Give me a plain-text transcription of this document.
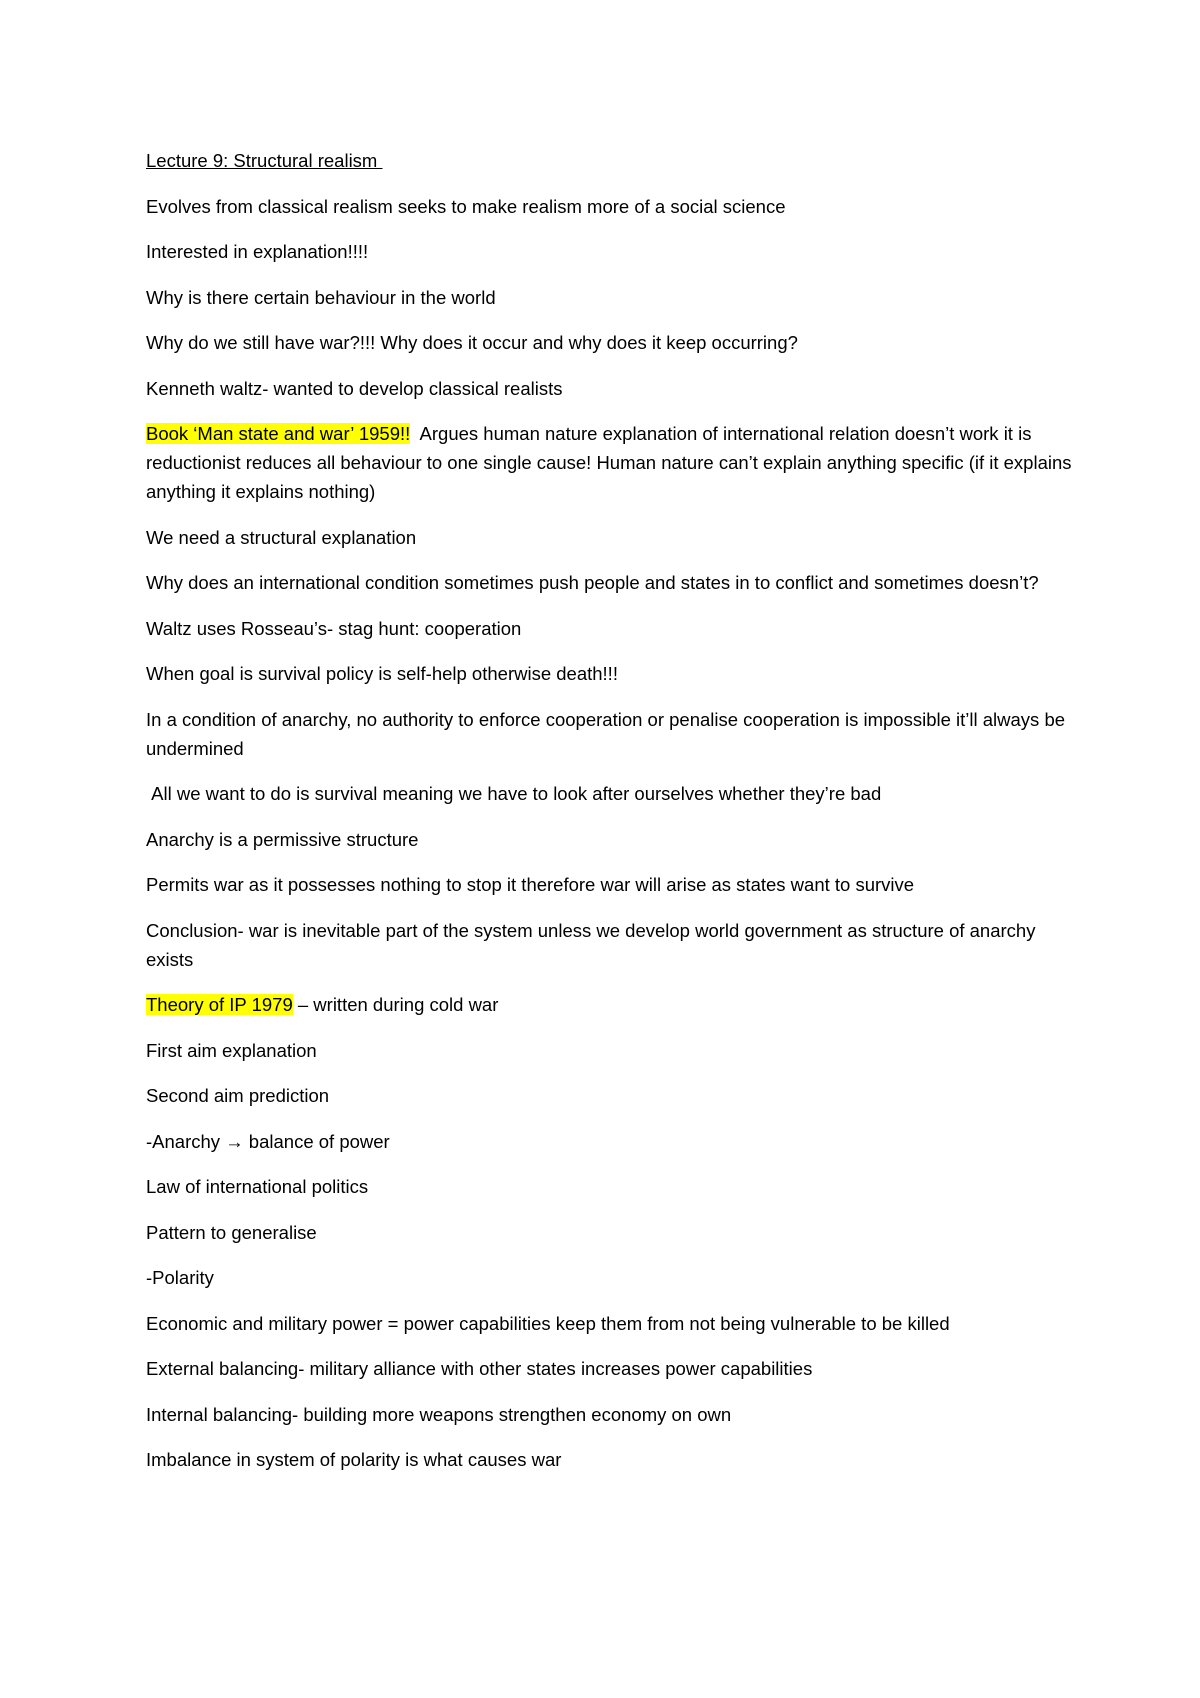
Lecture 9: Structural realism

Evolves from classical realism seeks to make realism more of a social science

Interested in explanation!!!!

Why is there certain behaviour in the world

Why do we still have war?!!! Why does it occur and why does it keep occurring?

Kenneth waltz- wanted to develop classical realists

Book ‘Man state and war’ 1959!!  Argues human nature explanation of international relation doesn’t work it is reductionist reduces all behaviour to one single cause! Human nature can’t explain anything specific (if it explains anything it explains nothing)

We need a structural explanation

Why does an international condition sometimes push people and states in to conflict and sometimes doesn’t?

Waltz uses Rosseau’s- stag hunt: cooperation

When goal is survival policy is self-help otherwise death!!!

In a condition of anarchy, no authority to enforce cooperation or penalise cooperation is impossible it’ll always be undermined

All we want to do is survival meaning we have to look after ourselves whether they’re bad

Anarchy is a permissive structure

Permits war as it possesses nothing to stop it therefore war will arise as states want to survive

Conclusion- war is inevitable part of the system unless we develop world government as structure of anarchy exists

Theory of IP 1979 – written during cold war

First aim explanation

Second aim prediction

-Anarchy → balance of power

Law of international politics

Pattern to generalise

-Polarity

Economic and military power = power capabilities keep them from not being vulnerable to be killed

External balancing- military alliance with other states increases power capabilities

Internal balancing- building more weapons strengthen economy on own

Imbalance in system of polarity is what causes war
